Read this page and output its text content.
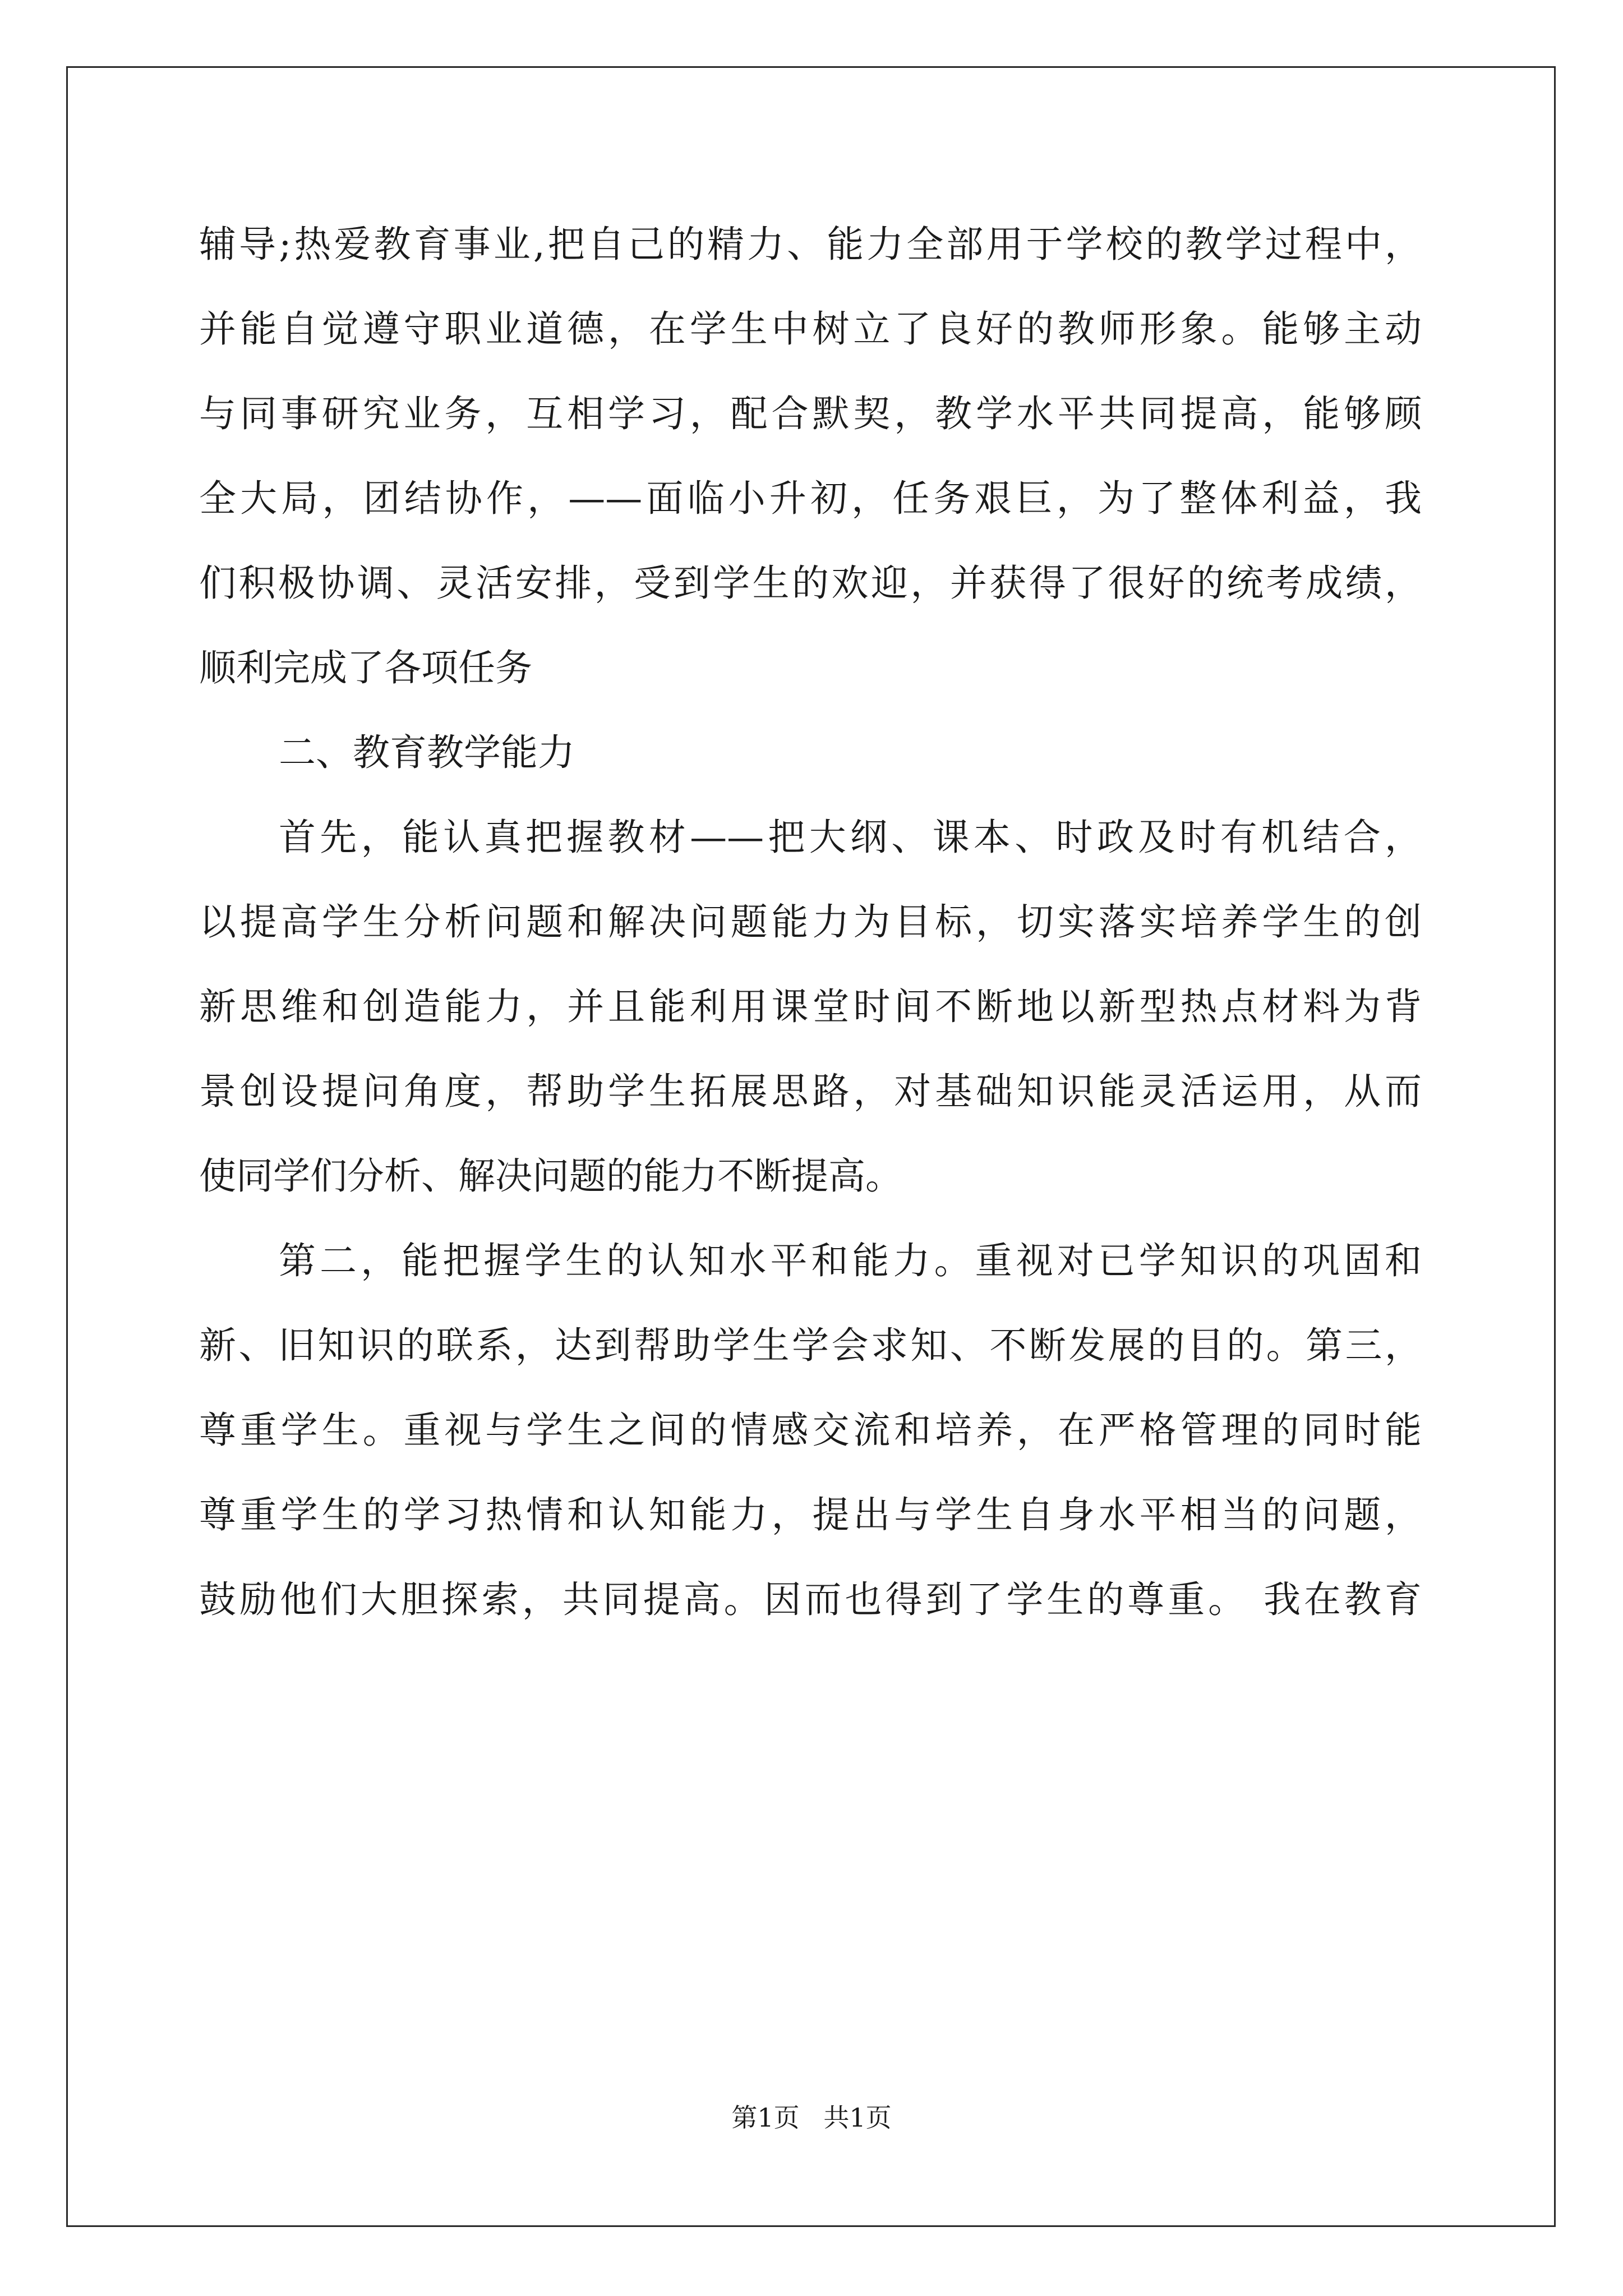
辅导;热爱教育事业,把自己的精力、能力全部用于学校的教学过程中，
并能自觉遵守职业道德，在学生中树立了良好的教师形象。能够主动
与同事研究业务，互相学习，配合默契，教学水平共同提高，能够顾
全大局，团结协作，——面临小升初，任务艰巨，为了整体利益，我
们积极协调、灵活安排，受到学生的欢迎，并获得了很好的统考成绩，
顺利完成了各项任务
二、教育教学能力
首先，能认真把握教材——把大纲、课本、时政及时有机结合，
以提高学生分析问题和解决问题能力为目标，切实落实培养学生的创
新思维和创造能力，并且能利用课堂时间不断地以新型热点材料为背
景创设提问角度，帮助学生拓展思路，对基础知识能灵活运用，从而
使同学们分析、解决问题的能力不断提高。
第二，能把握学生的认知水平和能力。重视对已学知识的巩固和
新、旧知识的联系，达到帮助学生学会求知、不断发展的目的。第三，
尊重学生。重视与学生之间的情感交流和培养，在严格管理的同时能
尊重学生的学习热情和认知能力，提出与学生自身水平相当的问题，
鼓励他们大胆探索，共同提高。因而也得到了学生的尊重。 我在教育
第1页 共1页
